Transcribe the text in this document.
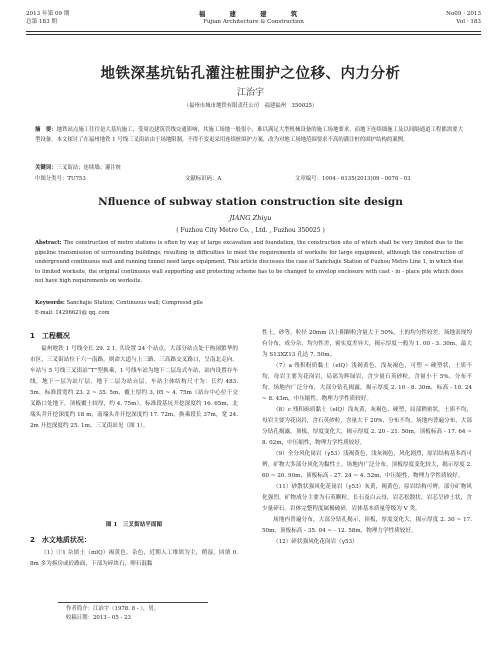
2013 年第 09 期
总第 183 期
福 建 建 筑
Fujian Architecture & Construction
No09 · 2013
Vol · 183
地铁深基坑钻孔灌注桩围护之位移、内力分析
江治宇
（福州市城市地铁有限责任公司　福建福州　350025）
摘　要：地铁站点施工往往是大基坑施工，受周边建筑管线交通影响，其施工场地一般很小，难以满足大型机械设备的施工场地要求，而地下连续墙施工及以间隔通道工程都需要大型设备。本文探讨了在福州地铁 1 号线三叉街站由于场地限制，不得不变更采用连续桩围护方案，改为对地工场地范围要求不高的灌注桩的围护结构的案例。
关键词：三叉街站；连续墙；灌注桩
中图分类号：TU753	文献标识码：A	文章编号：1004 - 6135(2013)09 - 0076 - 03
Nfluence of subway station construction site design
JIANG Zhiyu
( Fuzhou City Metro Co. , Ltd. , Fuzhou 350025 )
Abstract: The construction of metro stations is often by way of large excavation and foundation, the construction site of which shall be very limited due to the pipeline transmission of surrounding buildings, resulting in difficulties to meet the requirements of worksite for large equipment, although the construction of underground continuous wall and running tunnel need large equipment. This article discusses the case of Sanchajie Station of Fuzhou Metro Line 1, in which due to limited worksite, the original continuous wall supporting and protecting scheme has to be changed to envelop enclosure with cast - in - place pile which does not have high requirements on worksite.
Keywords: Sanchajie Station; Continuous wall; Compressd pile
E-mail: 14296621@ qq. com
1　工程概况

福州地铁 1 号线全长 29. 2 1, 共设置 24 个站点，大部分站点处于热闹繁华的市区，三叉街站位于六一南路，则命大道与上三路、三高路交叉路口，呈南北走向。车站与 5 号线三叉街站“T”型换乘，1 号线车站为地下二层岛式车站，站内设置存车线，地下一层为站厅层，地下二层为站台层。车站主体结构尺寸为：长约 483. 5m，标准段宽约 23. 2 ~ 35. 5m，覆土厚约 3. 05 ~ 4. 75m（站台中心位于交叉路口处地下，顶板覆土较厚，约 4. 75m）。标准段基坑开挖深度约 16. 65m，北端头井开挖深度约 18 m，南端头井开挖深度约 17. 72m，换乘段长 37m，宽 24. 2m 开挖深度约 25. 1m。三叉街站见（图 1）。

图 1　三叉街站平面图
2　水文地质状况：

（1）①1 杂填土（mlQ）褐黄色，杂色，近期人工堆填为主，稍湿，回填 0. 8m 多为拆房或砼路面，下部为碎块石，卵石混黏

作者简介：江治宇（1978. 8 - ），男。
收稿日期：2013 - 05 - 23

性土，砂等，粒径 20mm 以上粗颗粒含量大于 50%，土的均匀性较差。场地表现均有分布，成分杂，均匀性差，密实度差异大。揭示厚度一般为 1. 00 - 3. 30m，最大为 S13XZ13 孔达 7. 50m。

（7）a 残积粉质黏土（elQ）浅褐黄色，浅灰褐色，可塑 ~ 硬塑状，土质不均，母岩主要为花岗岩，局部为辉绿岩，含少量石英砂粒，含量小于 5%，分布不均。场地内广泛分布，大部分钻孔揭露，揭示厚度 2. 10 - 8. 30m，标高 - 10. 24 ~ 8. 43m，中压缩性，物理力学性质较好。

（8）c 残积砾质黏土（elQ）浅灰黄，灰褐色，硬塑，局部稍密状，土质不均，母岩主要为花岗岩，含石英砂粒，含量大于 20%，分布不均。场地内普遍分布，大部分钻孔揭露，顶板，厚度变化大，揭示厚度 2. 20 - 21. 50m，顶板标高 - 17. 64 ~ 8. 02m，中压缩性，物理力学性质较好。

（9）全分风化岗岩（γ53）浅褐黄色，浅灰褐色，风化剧烈，原岩结构基本尚可辨，矿物大多部分风化为黏性土。场地内广泛分布，顶板厚度变化较大，揭示厚度 2. 60 ~ 20. 90m，顶板标高 - 27. 24 ~ 4. 52m，中压缩性，物理力学性质较好。

（11）砂散状强风化花岗岩（γ53）灰黄，褐黄色，原岩结构可辨，部分矿物风化强烈，矿物成分主要为石英颗粒，长石及白云母，岩芯松散状，岩芯呈砂土状，含少量碎石。岩体完整程度属极破碎，岩体基本质量等级为 V 类。

场地内普遍分布，大部分钻孔揭示，顶板，厚度变化大，揭示厚度 2. 30 ~ 17. 50m，顶板标高 - 35. 04 ~ - 12. 58m，物理力学性质较好。

（12）碎状强风化花岗岩（γ53）
